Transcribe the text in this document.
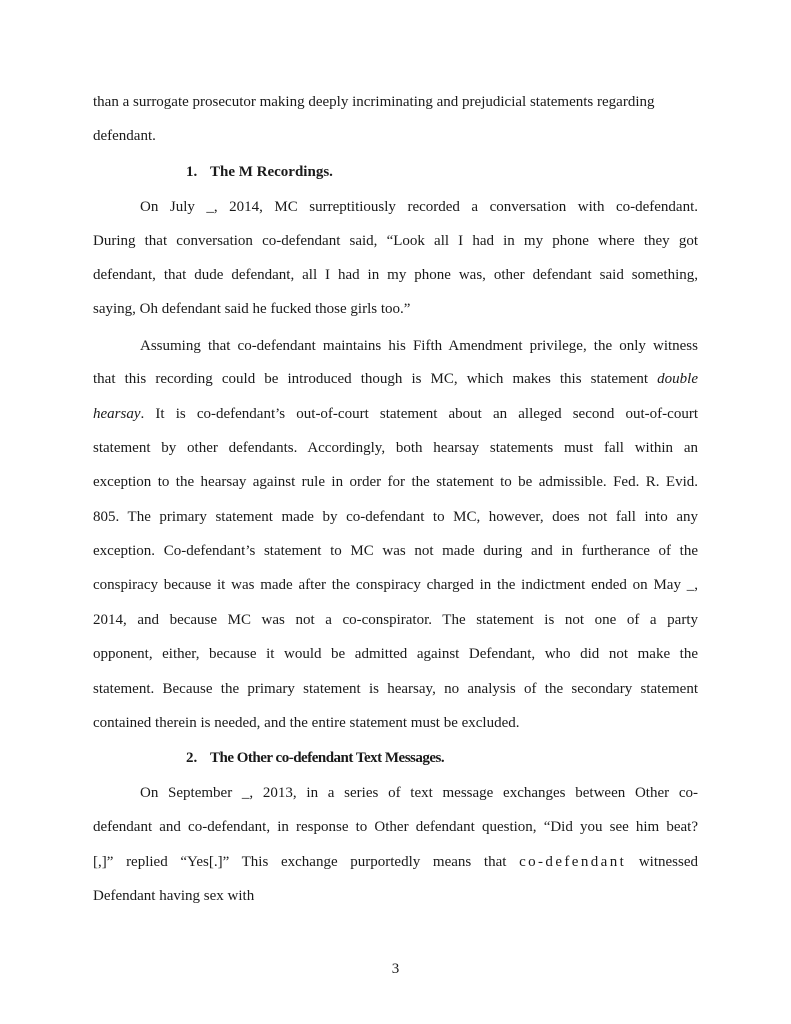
than a surrogate prosecutor making deeply incriminating and prejudicial statements regarding
defendant.
1. The M Recordings.
On July _, 2014, MC surreptitiously recorded a conversation with co-defendant.
During that conversation co-defendant said, “Look all I had in my phone where they got
defendant, that dude defendant, all I had in my phone was, other defendant said something,
saying, Oh defendant said he fucked those girls too.”
Assuming that co-defendant maintains his Fifth Amendment privilege, the only witness
that this recording could be introduced though is MC, which makes this statement double
hearsay. It is co-defendant’s out-of-court statement about an alleged second out-of-court
statement by other defendants. Accordingly, both hearsay statements must fall within an
exception to the hearsay against rule in order for the statement to be admissible. Fed. R. Evid.
805. The primary statement made by co-defendant to MC, however, does not fall into any
exception. Co-defendant’s statement to MC was not made during and in furtherance of the
conspiracy because it was made after the conspiracy charged in the indictment ended on May _,
2014, and because MC was not a co-conspirator. The statement is not one of a party
opponent, either, because it would be admitted against Defendant, who did not make the
statement. Because the primary statement is hearsay, no analysis of the secondary statement
contained therein is needed, and the entire statement must be excluded.
2. The Other co-defendant Text Messages.
On September _, 2013, in a series of text message exchanges between Other co-
defendant and co-defendant, in response to Other defendant question, “Did you see him beat?
[,]” replied “Yes[.]” This exchange purportedly means that co-defendant witnessed
Defendant having sex with
3
